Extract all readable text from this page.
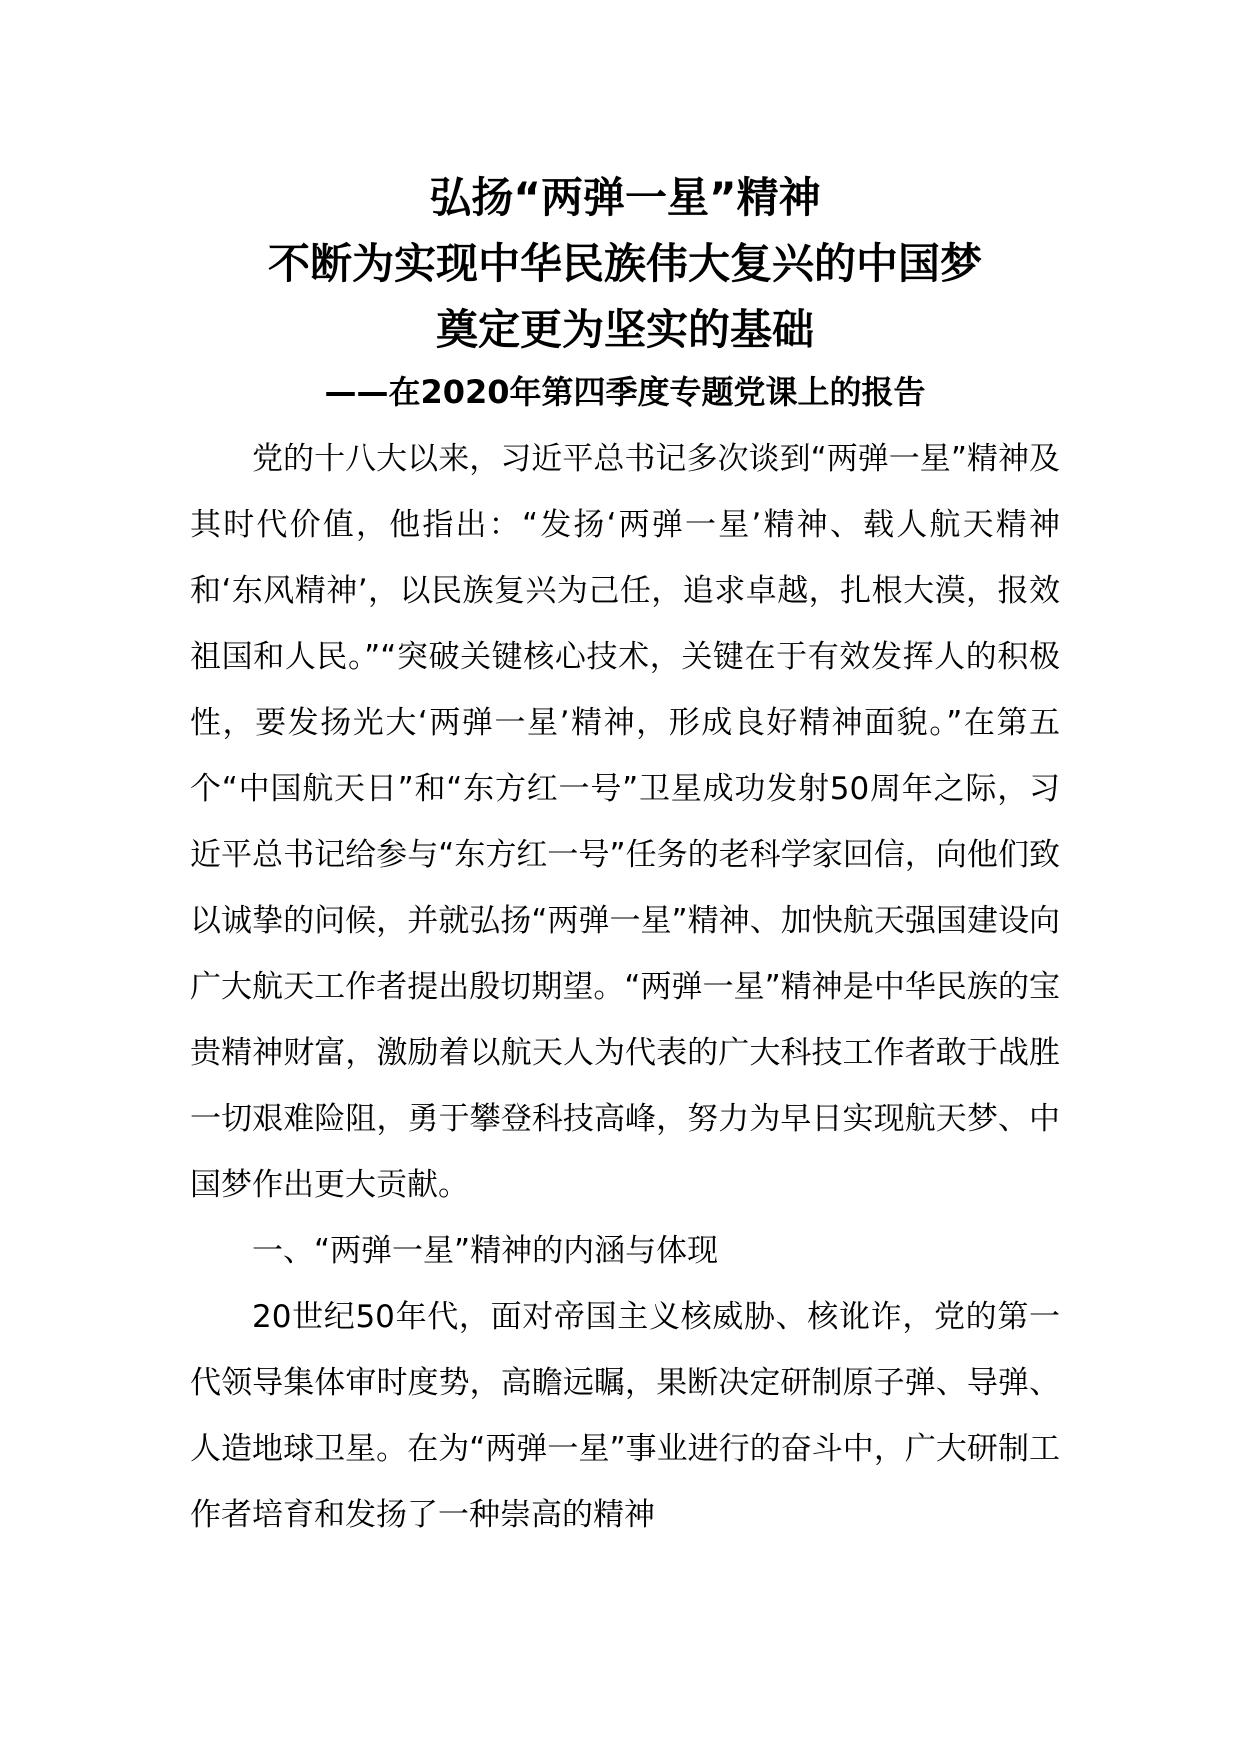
弘扬“两弹一星”精神
不断为实现中华民族伟大复兴的中国梦
奠定更为坚实的基础
——在2020年第四季度专题党课上的报告

党的十八大以来，习近平总书记多次谈到“两弹一星”精神及其时代价值，他指出：“发扬‘两弹一星’精神、载人航天精神和‘东风精神’，以民族复兴为己任，追求卓越，扎根大漠，报效祖国和人民。”“突破关键核心技术，关键在于有效发挥人的积极性，要发扬光大‘两弹一星’精神，形成良好精神面貌。”在第五个“中国航天日”和“东方红一号”卫星成功发射50周年之际，习近平总书记给参与“东方红一号”任务的老科学家回信，向他们致以诚挚的问候，并就弘扬“两弹一星”精神、加快航天强国建设向广大航天工作者提出殷切期望。“两弹一星”精神是中华民族的宝贵精神财富，激励着以航天人为代表的广大科技工作者敢于战胜一切艰难险阻，勇于攀登科技高峰，努力为早日实现航天梦、中国梦作出更大贡献。

一、“两弹一星”精神的内涵与体现

20世纪50年代，面对帝国主义核威胁、核讹诈，党的第一代领导集体审时度势，高瞻远瞩，果断决定研制原子弹、导弹、人造地球卫星。在为“两弹一星”事业进行的奋斗中，广大研制工作者培育和发扬了一种崇高的精神
